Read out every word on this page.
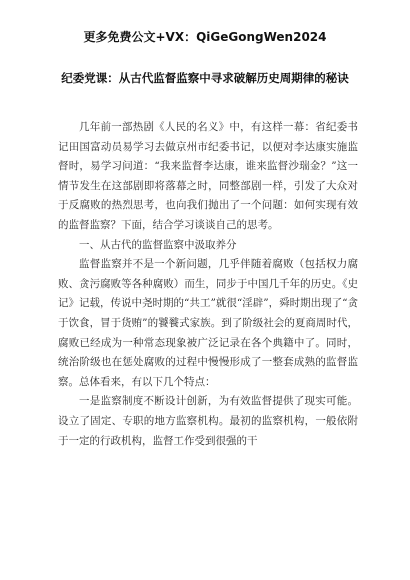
更多免费公文+VX：QiGeGongWen2024
纪委党课：从古代监督监察中寻求破解历史周期律的秘诀

几年前一部热剧《人民的名义》中，有这样一幕：省纪委书记田国富动员易学习去做京州市纪委书记，以便对李达康实施监督时，易学习问道：“我来监督李达康，谁来监督沙瑞金？”这一情节发生在这部剧即将落幕之时，同整部剧一样，引发了大众对于反腐败的热烈思考，也向我们抛出了一个问题：如何实现有效的监督监察？下面，结合学习谈谈自己的思考。

一、从古代的监督监察中汲取养分

监督监察并不是一个新问题，几乎伴随着腐败（包括权力腐败、贪污腐败等各种腐败）而生，同步于中国几千年的历史。《史记》记载，传说中尧时期的“共工”就很“淫辟”，舜时期出现了“贪于饮食，冒于货贿”的饕餮式家族。到了阶级社会的夏商周时代，腐败已经成为一种常态现象被广泛记录在各个典籍中了。同时，统治阶级也在惩处腐败的过程中慢慢形成了一整套成熟的监督监察。总体看来，有以下几个特点：

一是监察制度不断设计创新，为有效监督提供了现实可能。设立了固定、专职的地方监察机构。最初的监察机构，一般依附于一定的行政机构，监督工作受到很强的干
